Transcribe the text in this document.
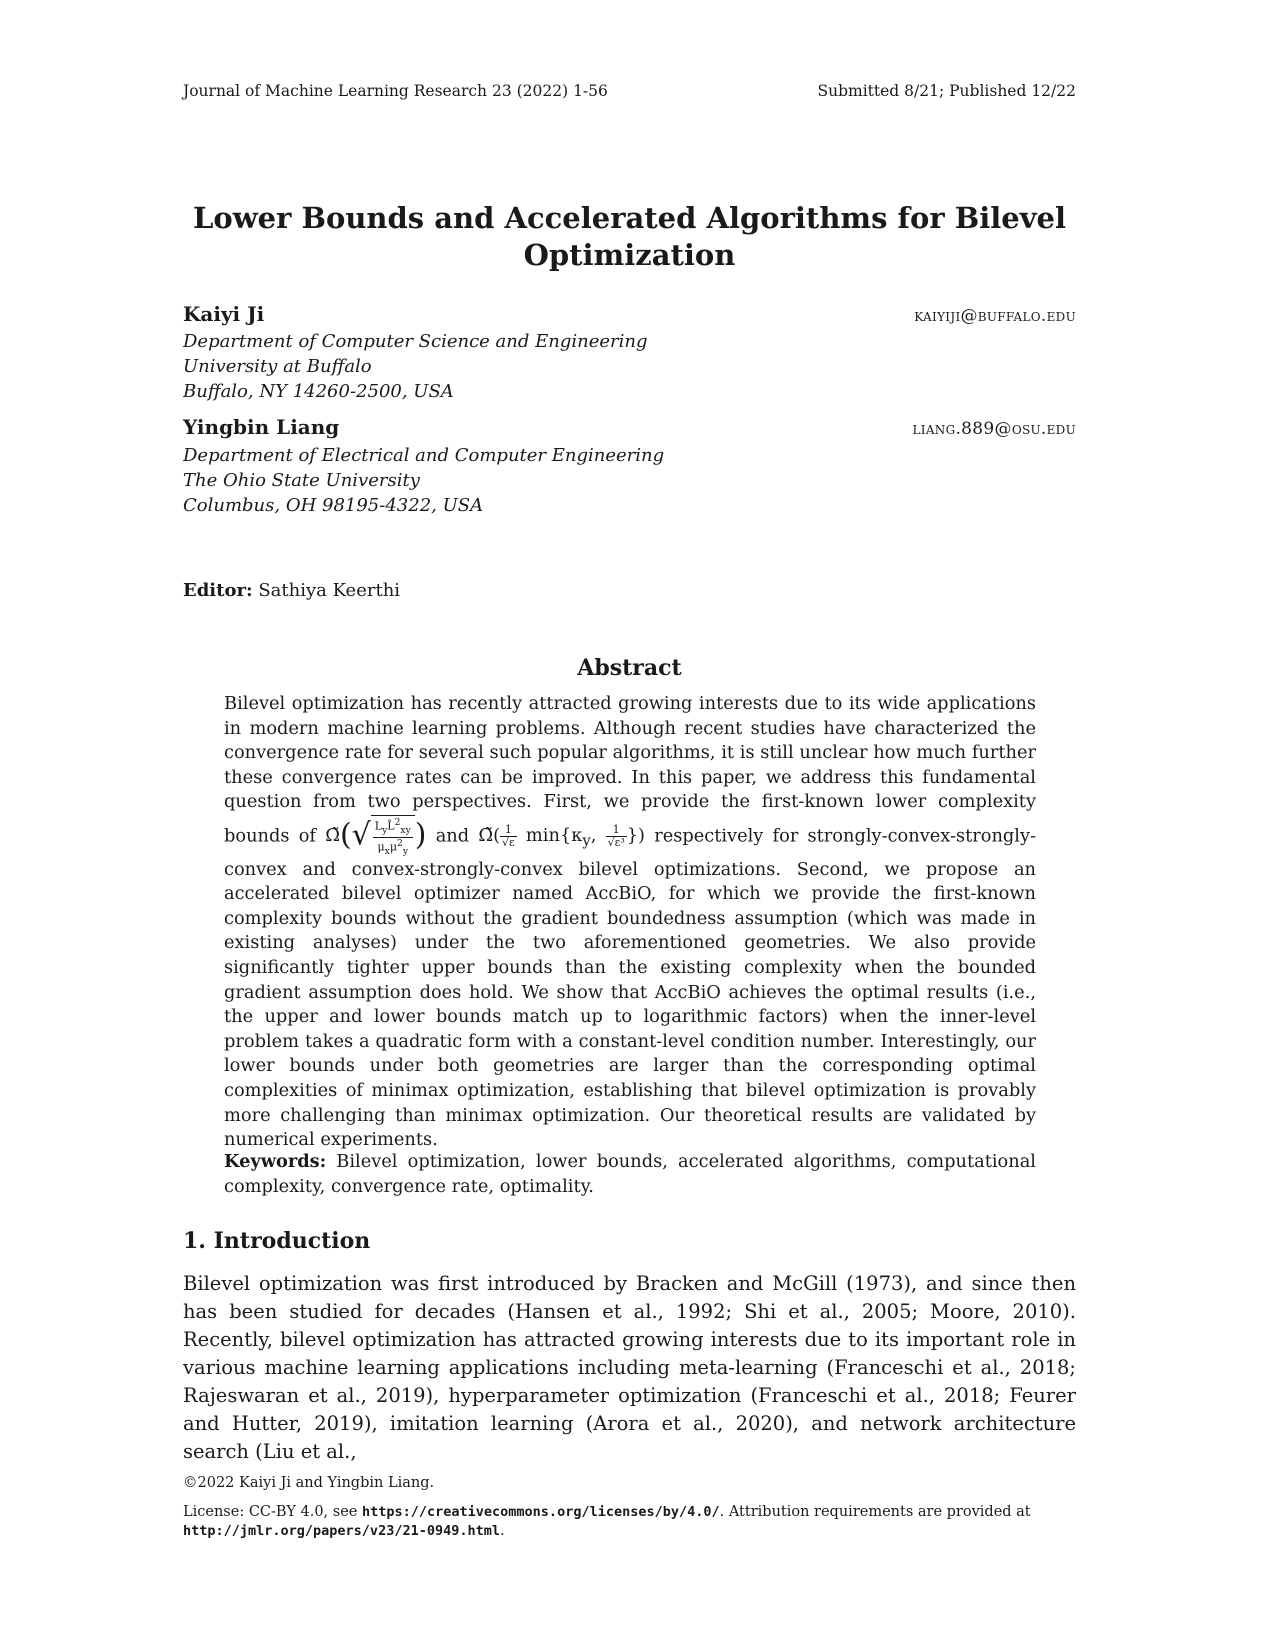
Journal of Machine Learning Research 23 (2022) 1-56	Submitted 8/21; Published 12/22
Lower Bounds and Accelerated Algorithms for Bilevel
Optimization
Kaiyi Ji	kaiyiji@buffalo.edu
Department of Computer Science and Engineering
University at Buffalo
Buffalo, NY 14260-2500, USA
Yingbin Liang	liang.889@osu.edu
Department of Electrical and Computer Engineering
The Ohio State University
Columbus, OH 98195-4322, USA
Editor: Sathiya Keerthi
Abstract

Bilevel optimization has recently attracted growing interests due to its wide applications in modern machine learning problems. Although recent studies have characterized the convergence rate for several such popular algorithms, it is still unclear how much further these convergence rates can be improved. In this paper, we address this fundamental question from two perspectives. First, we provide the first-known lower complexity bounds of Ω̃(√ $\frac{L_yL̃^2_{xy}}{\mu_x\mu^2_y}$ ) and Ω̃( $\frac{1}{√\varepsilon} \min\{\kappa_y$, $\frac{1}{\text{√ε³}}$ }) respectively for strongly-convex-strongly-convex and convex-strongly-convex bilevel optimizations. Second, we propose an accelerated bilevel optimizer named AccBiO, for which we provide the first-known complexity bounds without the gradient boundedness assumption (which was made in existing analyses) under the two aforementioned geometries. We also provide significantly tighter upper bounds than the existing complexity when the bounded gradient assumption does hold. We show that AccBiO achieves the optimal results (i.e., the upper and lower bounds match up to logarithmic factors) when the inner-level problem takes a quadratic form with a constant-level condition number. Interestingly, our lower bounds under both geometries are larger than the corresponding optimal complexities of minimax optimization, establishing that bilevel optimization is provably more challenging than minimax optimization. Our theoretical results are validated by numerical experiments.

Keywords: Bilevel optimization, lower bounds, accelerated algorithms, computational complexity, convergence rate, optimality.
1. Introduction

Bilevel optimization was first introduced by Bracken and McGill (1973), and since then has been studied for decades (Hansen et al., 1992; Shi et al., 2005; Moore, 2010). Recently, bilevel optimization has attracted growing interests due to its important role in various machine learning applications including meta-learning (Franceschi et al., 2018; Rajeswaran et al., 2019), hyperparameter optimization (Franceschi et al., 2018; Feurer and Hutter, 2019), imitation learning (Arora et al., 2020), and network architecture search (Liu et al.,

©2022 Kaiyi Ji and Yingbin Liang.
License: CC-BY 4.0, see https://creativecommons.org/licenses/by/4.0/. Attribution requirements are provided at http://jmlr.org/papers/v23/21-0949.html.
